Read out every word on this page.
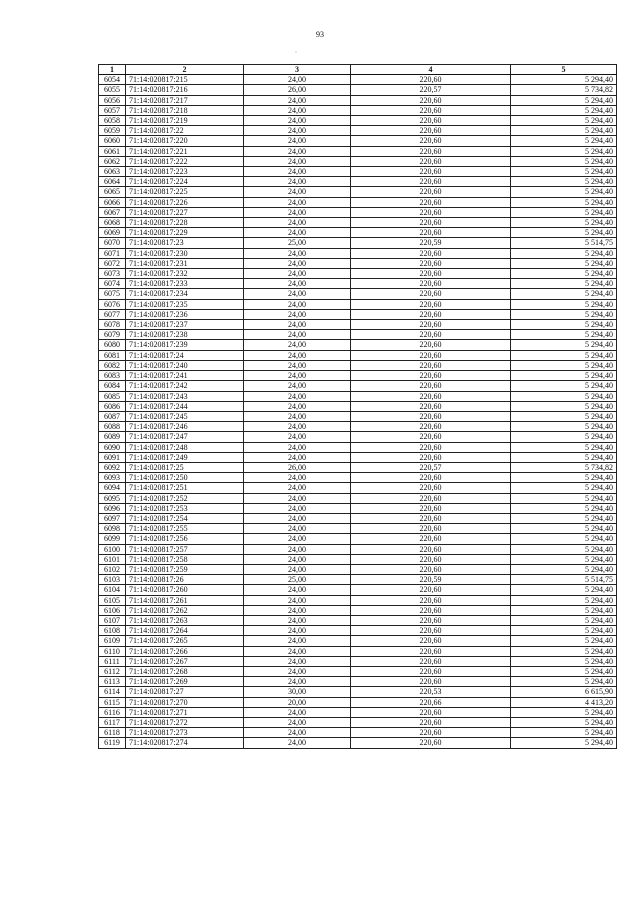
93
·
1	2	3	4	5
6054	71:14:020817:215	24,00	220,60	5 294,40
6055	71:14:020817:216	26,00	220,57	5 734,82
6056	71:14:020817:217	24,00	220,60	5 294,40
6057	71:14:020817:218	24,00	220,60	5 294,40
6058	71:14:020817:219	24,00	220,60	5 294,40
6059	71:14:020817:22	24,00	220,60	5 294,40
6060	71:14:020817:220	24,00	220,60	5 294,40
6061	71:14:020817:221	24,00	220,60	5 294,40
6062	71:14:020817:222	24,00	220,60	5 294,40
6063	71:14:020817:223	24,00	220,60	5 294,40
6064	71:14:020817:224	24,00	220,60	5 294,40
6065	71:14:020817:225	24,00	220,60	5 294,40
6066	71:14:020817:226	24,00	220,60	5 294,40
6067	71:14:020817:227	24,00	220,60	5 294,40
6068	71:14:020817:228	24,00	220,60	5 294,40
6069	71:14:020817:229	24,00	220,60	5 294,40
6070	71:14:020817:23	25,00	220,59	5 514,75
6071	71:14:020817:230	24,00	220,60	5 294,40
6072	71:14:020817:231	24,00	220,60	5 294,40
6073	71:14:020817:232	24,00	220,60	5 294,40
6074	71:14:020817:233	24,00	220,60	5 294,40
6075	71:14:020817:234	24,00	220,60	5 294,40
6076	71:14:020817:235	24,00	220,60	5 294,40
6077	71:14:020817:236	24,00	220,60	5 294,40
6078	71:14:020817:237	24,00	220,60	5 294,40
6079	71:14:020817:238	24,00	220,60	5 294,40
6080	71:14:020817:239	24,00	220,60	5 294,40
6081	71:14:020817:24	24,00	220,60	5 294,40
6082	71:14:020817:240	24,00	220,60	5 294,40
6083	71:14:020817:241	24,00	220,60	5 294,40
6084	71:14:020817:242	24,00	220,60	5 294,40
6085	71:14:020817:243	24,00	220,60	5 294,40
6086	71:14:020817:244	24,00	220,60	5 294,40
6087	71:14:020817:245	24,00	220,60	5 294,40
6088	71:14:020817:246	24,00	220,60	5 294,40
6089	71:14:020817:247	24,00	220,60	5 294,40
6090	71:14:020817:248	24,00	220,60	5 294,40
6091	71:14:020817:249	24,00	220,60	5 294,40
6092	71:14:020817:25	26,00	220,57	5 734,82
6093	71:14:020817:250	24,00	220,60	5 294,40
6094	71:14:020817:251	24,00	220,60	5 294,40
6095	71:14:020817:252	24,00	220,60	5 294,40
6096	71:14:020817:253	24,00	220,60	5 294,40
6097	71:14:020817:254	24,00	220,60	5 294,40
6098	71:14:020817:255	24,00	220,60	5 294,40
6099	71:14:020817:256	24,00	220,60	5 294,40
6100	71:14:020817:257	24,00	220,60	5 294,40
6101	71:14:020817:258	24,00	220,60	5 294,40
6102	71:14:020817:259	24,00	220,60	5 294,40
6103	71:14:020817:26	25,00	220,59	5 514,75
6104	71:14:020817:260	24,00	220,60	5 294,40
6105	71:14:020817:261	24,00	220,60	5 294,40
6106	71:14:020817:262	24,00	220,60	5 294,40
6107	71:14:020817:263	24,00	220,60	5 294,40
6108	71:14:020817:264	24,00	220,60	5 294,40
6109	71:14:020817:265	24,00	220,60	5 294,40
6110	71:14:020817:266	24,00	220,60	5 294,40
6111	71:14:020817:267	24,00	220,60	5 294,40
6112	71:14:020817:268	24,00	220,60	5 294,40
6113	71:14:020817:269	24,00	220,60	5 294,40
6114	71:14:020817:27	30,00	220,53	6 615,90
6115	71:14:020817:270	20,00	220,66	4 413,20
6116	71:14:020817:271	24,00	220,60	5 294,40
6117	71:14:020817:272	24,00	220,60	5 294,40
6118	71:14:020817:273	24,00	220,60	5 294,40
6119	71:14:020817:274	24,00	220,60	5 294,40
